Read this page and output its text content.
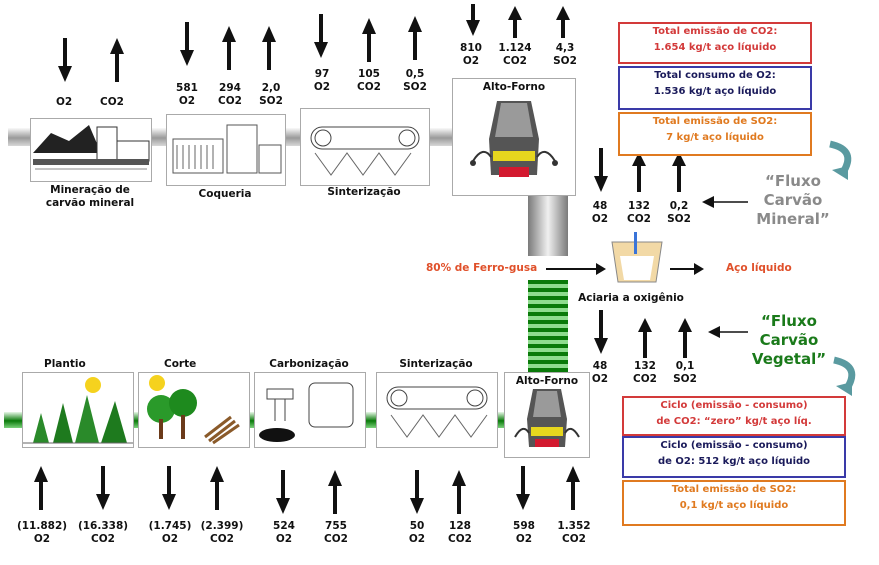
O2	CO2
581 O2
294 CO2
2,0 SO2
97 O2
105 CO2
0,5 SO2
810 O2
1.124 CO2
4,3 SO2
Mineração de carvão mineral
Coqueria	Sinterização
Alto-Forno
48 O2
132 CO2
0,2 SO2
80% de Ferro-gusa
Aciaria a oxigênio
Aço líquido
48 O2
132 CO2
0,1 SO2
Total emissão de CO2:
1.654 kg/t aço líquido
Total consumo de O2:
1.536 kg/t aço líquido
Total emissão de SO2:
7 kg/t aço líquido
“Fluxo Carvão Mineral”
“Fluxo Carvão Vegetal”
Ciclo (emissão - consumo)
de CO2: “zero” kg/t aço líq.
Ciclo (emissão - consumo)
de O2: 512 kg/t aço líquido
Total emissão de SO2:
0,1 kg/t aço líquido
Plantio	Corte	Carbonização	Sinterização
Alto-Forno
(11.882) O2
(16.338) CO2
(1.745) O2
(2.399) CO2
524 O2
755 CO2
50 O2
128 CO2
598 O2
1.352 CO2
